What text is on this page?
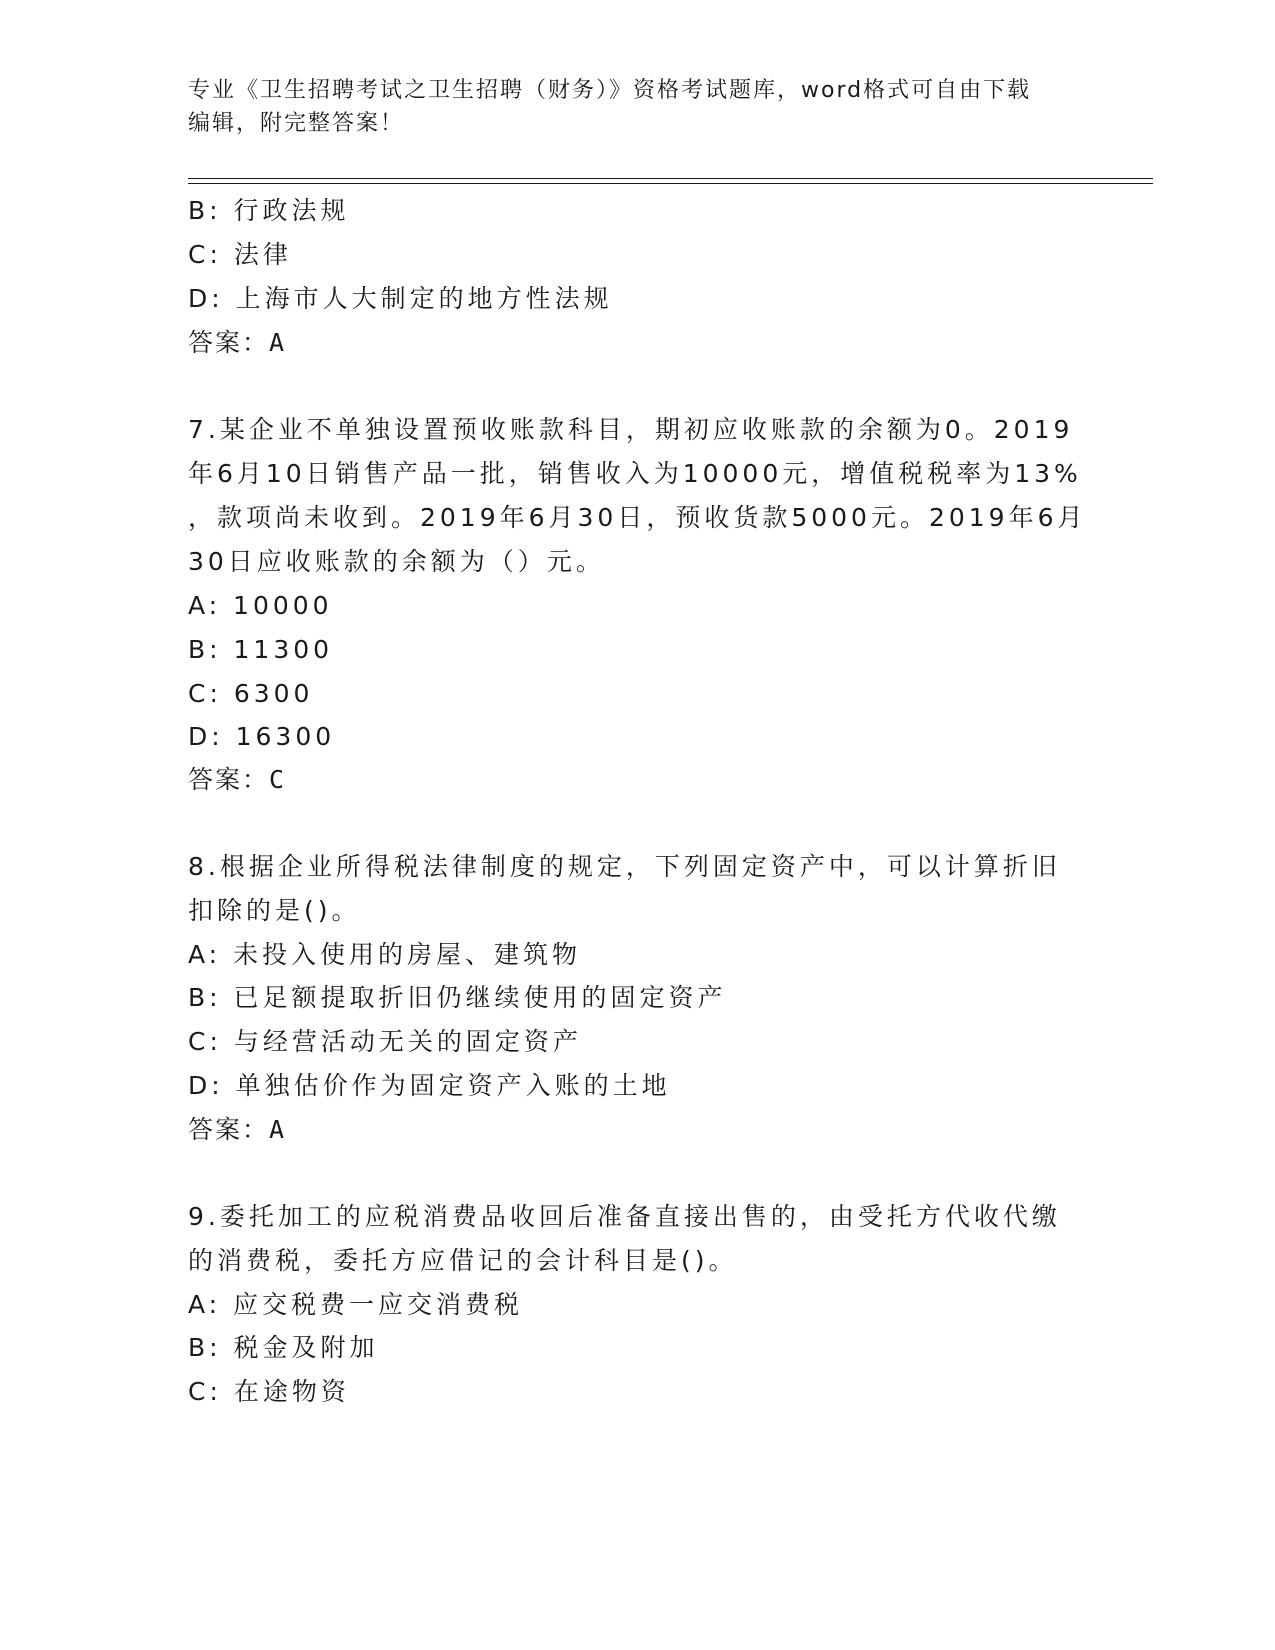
专业《卫生招聘考试之卫生招聘（财务）》资格考试题库，word格式可自由下载
编辑，附完整答案！
B: 行政法规
C: 法律
D: 上海市人大制定的地方性法规
答案：A
7.某企业不单独设置预收账款科目，期初应收账款的余额为0。2019
年6月10日销售产品一批，销售收入为10000元，增值税税率为13%
，款项尚未收到。2019年6月30日，预收货款5000元。2019年6月
30日应收账款的余额为（）元。
A: 10000
B: 11300
C: 6300
D: 16300
答案：C
8.根据企业所得税法律制度的规定，下列固定资产中，可以计算折旧
扣除的是()。
A: 未投入使用的房屋、建筑物
B: 已足额提取折旧仍继续使用的固定资产
C: 与经营活动无关的固定资产
D: 单独估价作为固定资产入账的土地
答案：A
9.委托加工的应税消费品收回后准备直接出售的，由受托方代收代缴
的消费税，委托方应借记的会计科目是()。
A: 应交税费一应交消费税
B: 税金及附加
C: 在途物资
